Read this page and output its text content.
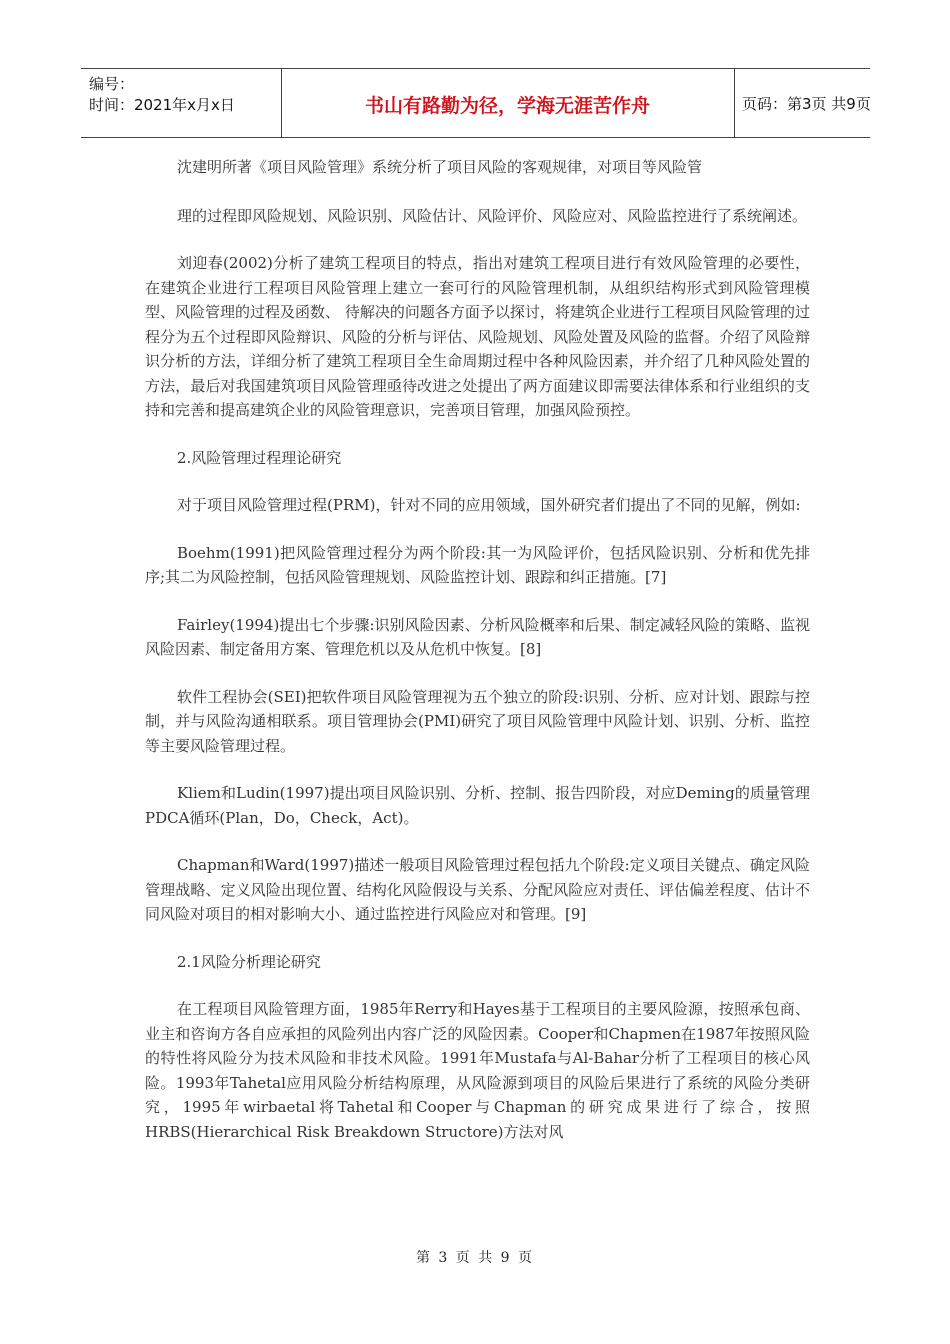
编号：
时间：2021年x月x日	书山有路勤为径，学海无涯苦作舟	页码：第3页 共9页

沈建明所著《项目风险管理》系统分析了项目风险的客观规律，对项目等风险管

理的过程即风险规划、风险识别、风险估计、风险评价、风险应对、风险监控进行了系统阐述。

刘迎春(2002)分析了建筑工程项目的特点，指出对建筑工程项目进行有效风险管理的必要性，在建筑企业进行工程项目风险管理上建立一套可行的风险管理机制，从组织结构形式到风险管理模型、风险管理的过程及函数、 待解决的问题各方面予以探讨，将建筑企业进行工程项目风险管理的过程分为五个过程即风险辩识、风险的分析与评估、风险规划、风险处置及风险的监督。介绍了风险辩识分析的方法，详细分析了建筑工程项目全生命周期过程中各种风险因素，并介绍了几种风险处置的方法，最后对我国建筑项目风险管理亟待改进之处提出了两方面建议即需要法律体系和行业组织的支持和完善和提高建筑企业的风险管理意识，完善项目管理，加强风险预控。

2.风险管理过程理论研究

对于项目风险管理过程(PRM)，针对不同的应用领域，国外研究者们提出了不同的见解，例如:

Boehm(1991)把风险管理过程分为两个阶段:其一为风险评价，包括风险识别、分析和优先排序;其二为风险控制，包括风险管理规划、风险监控计划、跟踪和纠正措施。[7]

Fairley(1994)提出七个步骤:识别风险因素、分析风险概率和后果、制定减轻风险的策略、监视风险因素、制定备用方案、管理危机以及从危机中恢复。[8]

软件工程协会(SEI)把软件项目风险管理视为五个独立的阶段:识别、分析、应对计划、跟踪与控制，并与风险沟通相联系。项目管理协会(PMI)研究了项目风险管理中风险计划、识别、分析、监控等主要风险管理过程。

Kliem和Ludin(1997)提出项目风险识别、分析、控制、报告四阶段，对应Deming的质量管理PDCA循环(Plan，Do，Check，Act)。

Chapman和Ward(1997)描述一般项目风险管理过程包括九个阶段:定义项目关键点、确定风险管理战略、定义风险出现位置、结构化风险假设与关系、分配风险应对责任、评估偏差程度、估计不同风险对项目的相对影响大小、通过监控进行风险应对和管理。[9]

2.1风险分析理论研究

在工程项目风险管理方面，1985年Rerry和Hayes基于工程项目的主要风险源，按照承包商、业主和咨询方各自应承担的风险列出内容广泛的风险因素。Cooper和Chapmen在1987年按照风险的特性将风险分为技术风险和非技术风险。1991年Mustafa与Al-Bahar分析了工程项目的核心风险。1993年Tahetal应用风险分析结构原理，从风险源到项目的风险后果进行了系统的风险分类研究，1995年wirbaetal将Tahetal和Cooper与Chapman的研究成果进行了综合，按照HRBS(Hierarchical Risk Breakdown Structore)方法对风

第 3 页 共 9 页
